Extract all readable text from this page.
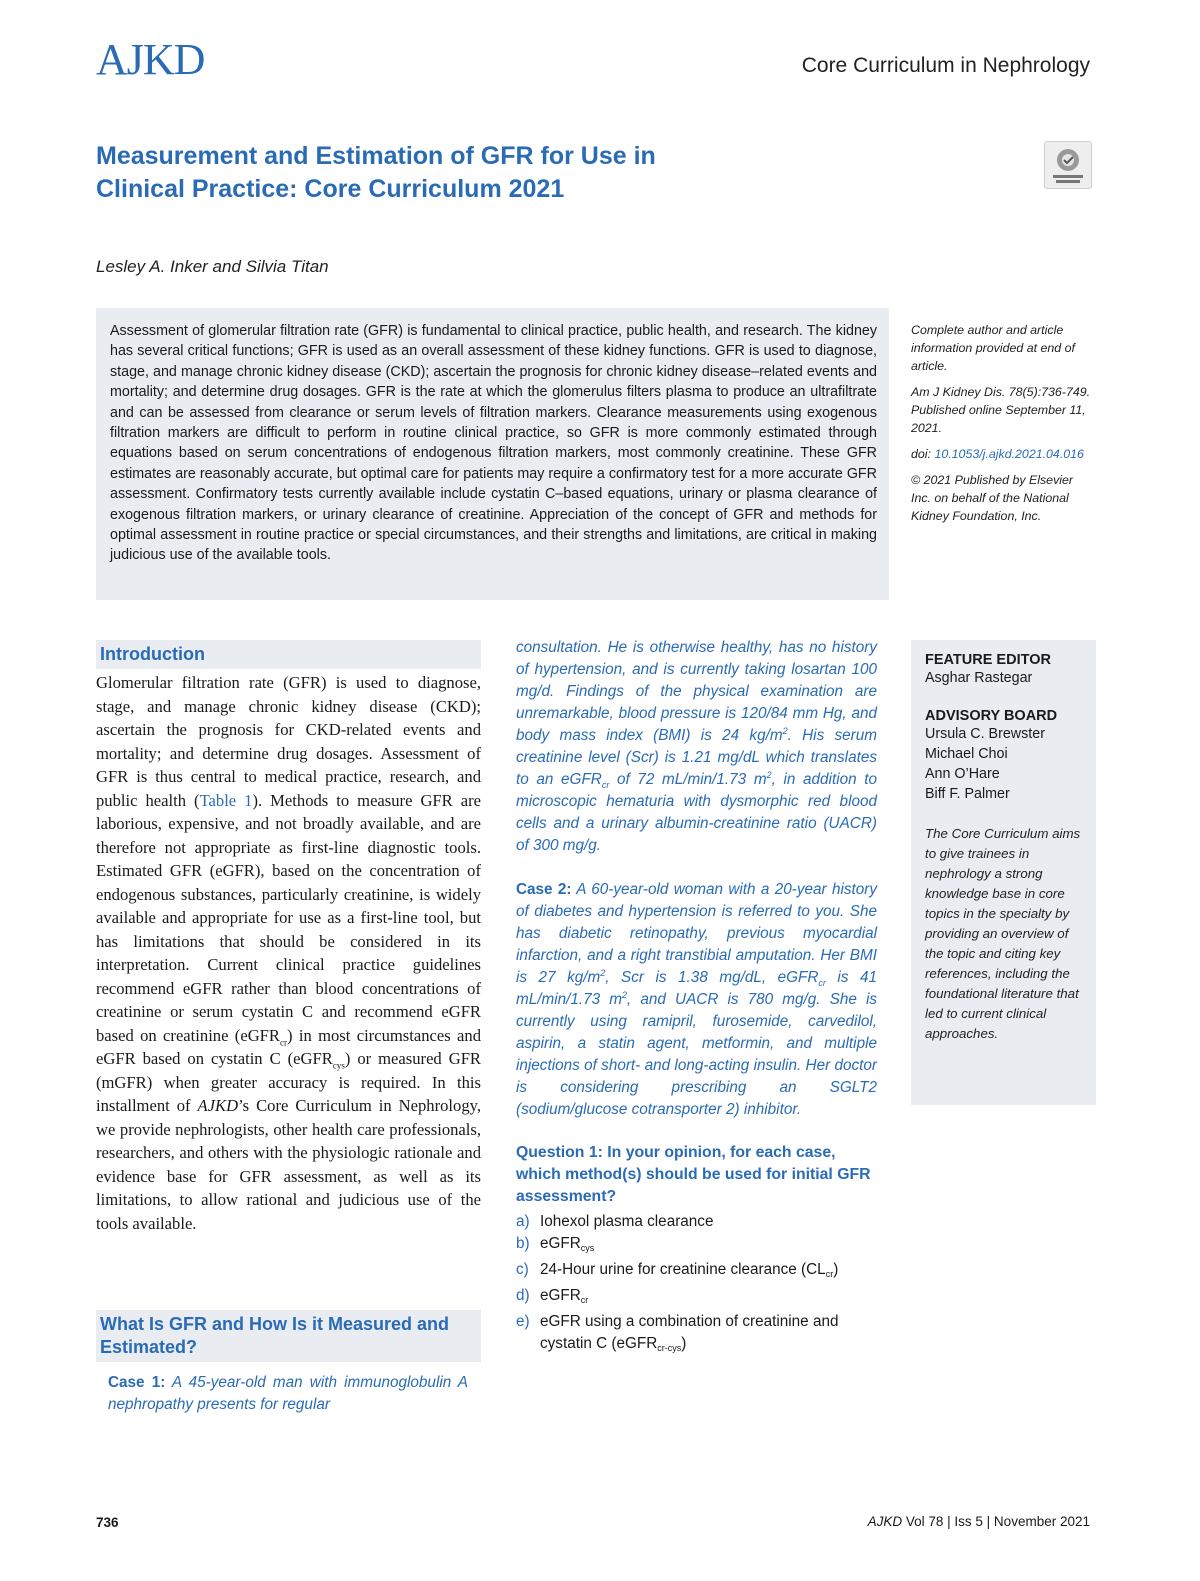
AJKD	Core Curriculum in Nephrology
Measurement and Estimation of GFR for Use in Clinical Practice: Core Curriculum 2021
Lesley A. Inker and Silvia Titan
Assessment of glomerular filtration rate (GFR) is fundamental to clinical practice, public health, and research. The kidney has several critical functions; GFR is used as an overall assessment of these kidney functions. GFR is used to diagnose, stage, and manage chronic kidney disease (CKD); ascertain the prognosis for chronic kidney disease–related events and mortality; and determine drug dosages. GFR is the rate at which the glomerulus filters plasma to produce an ultrafiltrate and can be assessed from clearance or serum levels of filtration markers. Clearance measurements using exogenous filtration markers are difficult to perform in routine clinical practice, so GFR is more commonly estimated through equations based on serum concentrations of endogenous filtration markers, most commonly creatinine. These GFR estimates are reasonably accurate, but optimal care for patients may require a confirmatory test for a more accurate GFR assessment. Confirmatory tests currently available include cystatin C–based equations, urinary or plasma clearance of exogenous filtration markers, or urinary clearance of creatinine. Appreciation of the concept of GFR and methods for optimal assessment in routine practice or special circumstances, and their strengths and limitations, are critical in making judicious use of the available tools.

Complete author and article information provided at end of article.

Am J Kidney Dis. 78(5):736-749. Published online September 11, 2021.

doi: 10.1053/j.ajkd.2021.04.016

© 2021 Published by Elsevier Inc. on behalf of the National Kidney Foundation, Inc.

Introduction
Glomerular filtration rate (GFR) is used to diagnose, stage, and manage chronic kidney disease (CKD); ascertain the prognosis for CKD-related events and mortality; and determine drug dosages. Assessment of GFR is thus central to medical practice, research, and public health (Table 1). Methods to measure GFR are laborious, expensive, and not broadly available, and are therefore not appropriate as first-line diagnostic tools. Estimated GFR (eGFR), based on the concentration of endogenous substances, particularly creatinine, is widely available and appropriate for use as a first-line tool, but has limitations that should be considered in its interpretation. Current clinical practice guidelines recommend eGFR rather than blood concentrations of creatinine or serum cystatin C and recommend eGFR based on creatinine (eGFR$_{cr}$) in most circumstances and eGFR based on cystatin C (eGFR$_{cys}$) or measured GFR (mGFR) when greater accuracy is required. In this installment of AJKD’s Core Curriculum in Nephrology, we provide nephrologists, other health care professionals, researchers, and others with the physiologic rationale and evidence base for GFR assessment, as well as its limitations, to allow rational and judicious use of the tools available.
What Is GFR and How Is it Measured and Estimated?
Case 1: A 45-year-old man with immunoglobulin A nephropathy presents for regular
consultation. He is otherwise healthy, has no history of hypertension, and is currently taking losartan 100 mg/d. Findings of the physical examination are unremarkable, blood pressure is 120/84 mm Hg, and body mass index (BMI) is 24 $kg/m^2$. His serum creatinine level (Scr) is 1.21 mg/dL which translates to an eGFR$_{cr}$ of 72 mL/min/1.73 $m^2$, in addition to microscopic hematuria with dysmorphic red blood cells and a urinary albumin-creatinine ratio (UACR) of 300 mg/g.
Case 2: A 60-year-old woman with a 20-year history of diabetes and hypertension is referred to you. She has diabetic retinopathy, previous myocardial infarction, and a right transtibial amputation. Her BMI is 27 $kg/m^2$, Scr is 1.38 mg/dL, eGFR$_{cr}$ is 41 mL/min/1.73 $m^2$, and UACR is 780 mg/g. She is currently using ramipril, furosemide, carvedilol, aspirin, a statin agent, metformin, and multiple injections of short- and long-acting insulin. Her doctor is considering prescribing an SGLT2 (sodium/glucose cotransporter 2) inhibitor.
Question 1: In your opinion, for each case, which method(s) should be used for initial GFR assessment?
a) Iohexol plasma clearance
b) eGFR$_{cys}$
c) 24-Hour urine for creatinine clearance $(CL_{cr})$
d) eGFR$_{cr}$
e) eGFR using a combination of creatinine and cystatin C (eGFR$_{cr-cys}$)
FEATURE EDITOR
Asghar Rastegar
ADVISORY BOARD
Ursula C. Brewster
Michael Choi
Ann O’Hare
Biff F. Palmer
The Core Curriculum aims to give trainees in nephrology a strong knowledge base in core topics in the specialty by providing an overview of the topic and citing key references, including the foundational literature that led to current clinical approaches.
736	AJKD Vol 78 | Iss 5 | November 2021
